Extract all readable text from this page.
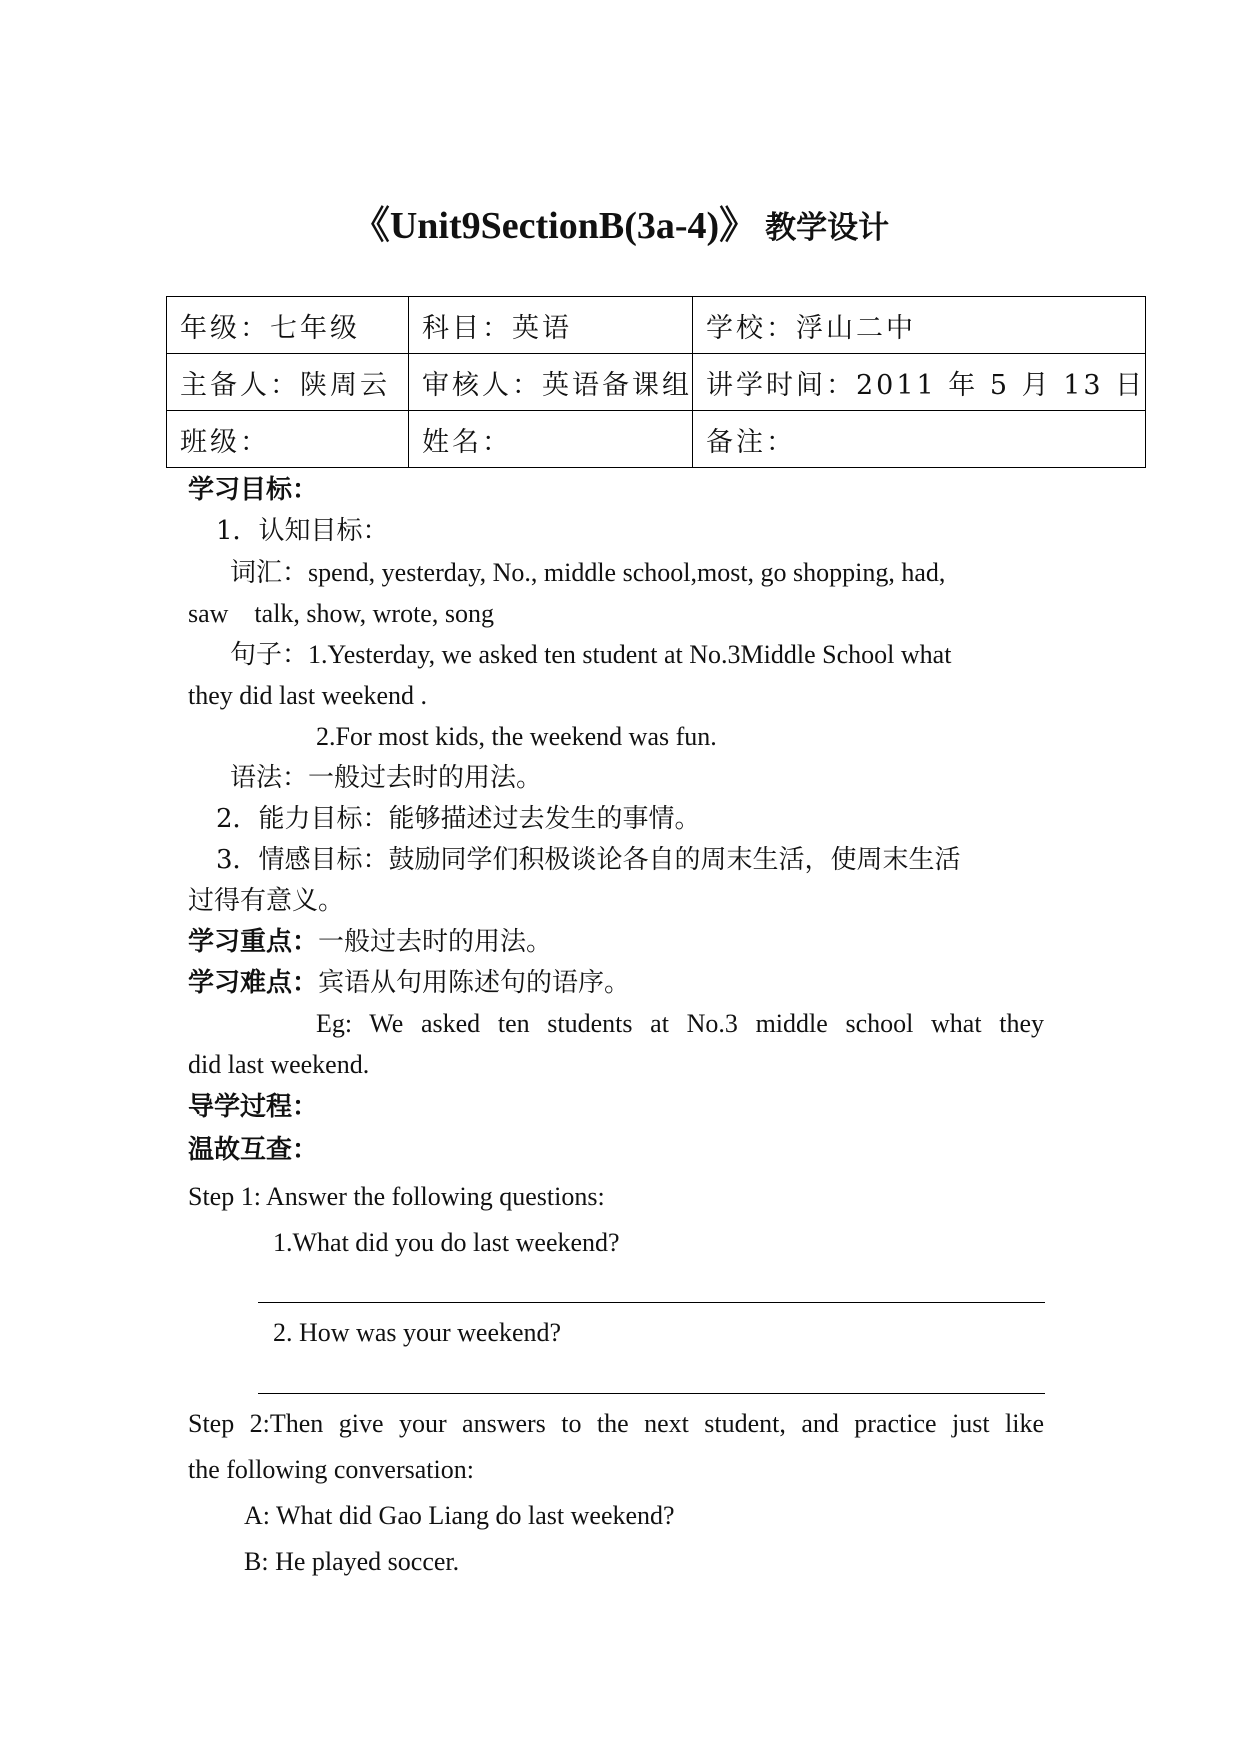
《Unit9SectionB(3a-4)》 教学设计
年级：七年级	科目：英语	学校：浮山二中
主备人：陕周云	审核人：英语备课组	讲学时间：2011 年 5 月 13 日
班级：	姓名：	备注：
学习目标：
1．认知目标：
词汇：spend, yesterday, No., middle school,most, go shopping, had,
saw    talk, show, wrote, song
句子：1.Yesterday, we asked ten student at No.3Middle School what
they did last weekend .
2.For most kids, the weekend was fun.
语法：一般过去时的用法。
2．能力目标：能够描述过去发生的事情。
3．情感目标：鼓励同学们积极谈论各自的周末生活，使周末生活
过得有意义。
学习重点：一般过去时的用法。
学习难点：宾语从句用陈述句的语序。
Eg: We asked ten students at No.3 middle school what they
did last weekend.
导学过程：
温故互查：
Step 1: Answer the following questions:
1.What did you do last weekend?
2. How was your weekend?
Step 2:Then give your answers to the next student, and practice just like
the following conversation:
A: What did Gao Liang do last weekend?
B: He played soccer.
